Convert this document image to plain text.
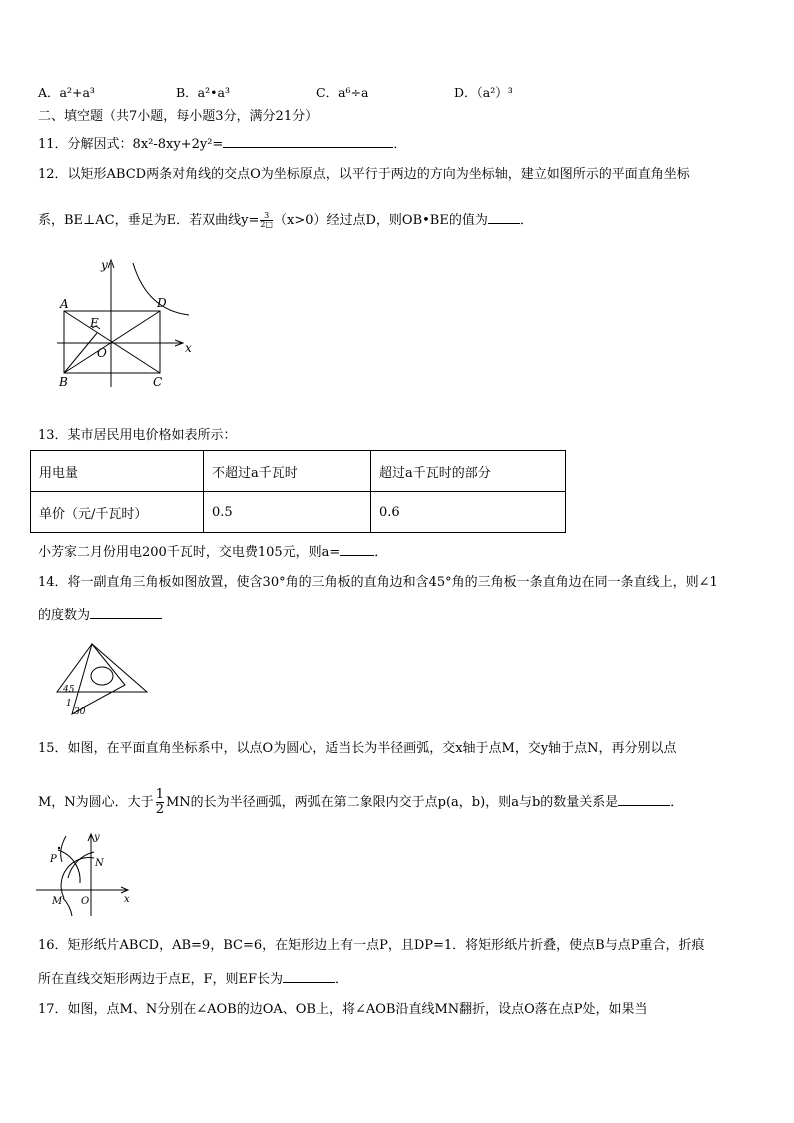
A．a²+a³	B．a²•a³	C．a⁶÷a	D．（a²）³
二、填空题（共7小题，每小题3分，满分21分）
11．分解因式：8x²-8xy+2y²=	．
12．以矩形ABCD两条对角线的交点O为坐标原点，以平行于两边的方向为坐标轴，建立如图所示的平面直角坐标
系，BE⊥AC，垂足为E．若双曲线$y= \frac{3}{2□} (x>0)$经过点D，则OB•BE的值为 ．
y
x
A	D
E
O
B	C
13．某市居民用电价格如表所示：
用电量	不超过a千瓦时	超过a千瓦时的部分
单价（元/千瓦时）	0.5	0.6
小芳家二月份用电200千瓦时，交电费105元，则a=	．
14．将一副直角三角板如图放置，使含30°角的三角板的直角边和含45°角的三角板一条直角边在同一条直线上，则∠1
的度数为
45
1
30
15．如图，在平面直角坐标系中，以点O为圆心，适当长为半径画弧，交x轴于点M，交y轴于点N，再分别以点
M，N为圆心．大于 $\frac{1}{2}$ MN的长为半径画弧，两弧在第二象限内交于点p(a，b)，则a与b的数量关系是	．
P	N
M O
y
x
16．矩形纸片ABCD，AB=9，BC=6，在矩形边上有一点P，且DP=1．将矩形纸片折叠，使点B与点P重合，折痕
所在直线交矩形两边于点E，F，则EF长为	．
17．如图，点M、N分别在∠AOB的边OA、OB上，将∠AOB沿直线MN翻折，设点O落在点P处，如果当
